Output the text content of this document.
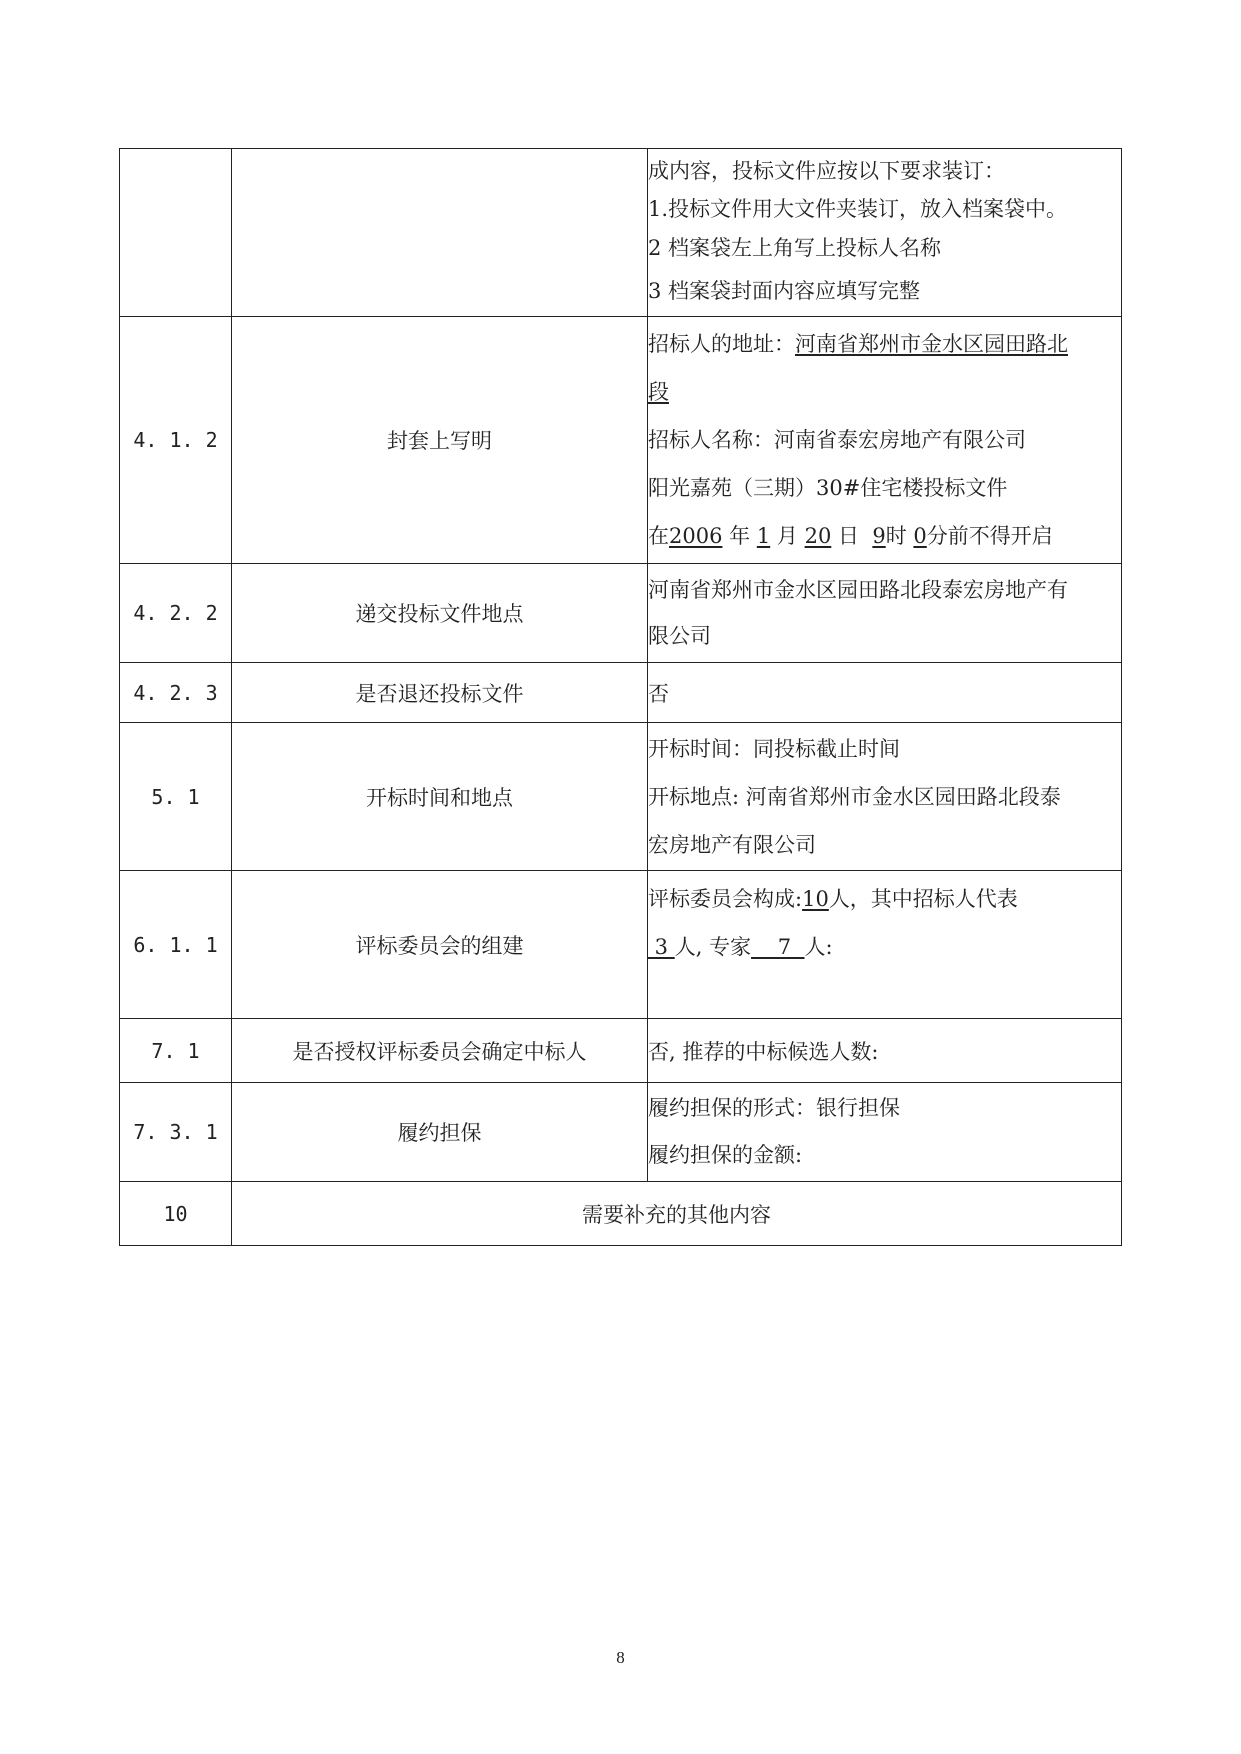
		成内容，投标文件应按以下要求装订：
1.投标文件用大文件夹装订，放入档案袋中。
2 档案袋左上角写上投标人名称
3 档案袋封面内容应填写完整

4. 1. 2	封套上写明	招标人的地址：河南省郑州市金水区园田路北
段
招标人名称：河南省泰宏房地产有限公司
阳光嘉苑（三期）30#住宅楼投标文件
在2006 年 1 月 20 日 9时 0分前不得开启

4. 2. 2	递交投标文件地点	河南省郑州市金水区园田路北段泰宏房地产有
限公司

4. 2. 3	是否退还投标文件	否

5. 1	开标时间和地点	开标时间：同投标截止时间
开标地点: 河南省郑州市金水区园田路北段泰
宏房地产有限公司

6. 1. 1	评标委员会的组建	评标委员会构成:10人，其中招标人代表
3 人, 专家    7  人:

7. 1	是否授权评标委员会确定中标人	否, 推荐的中标候选人数:

7. 3. 1	履约担保	履约担保的形式：银行担保
履约担保的金额:

10	需要补充的其他内容	
8
